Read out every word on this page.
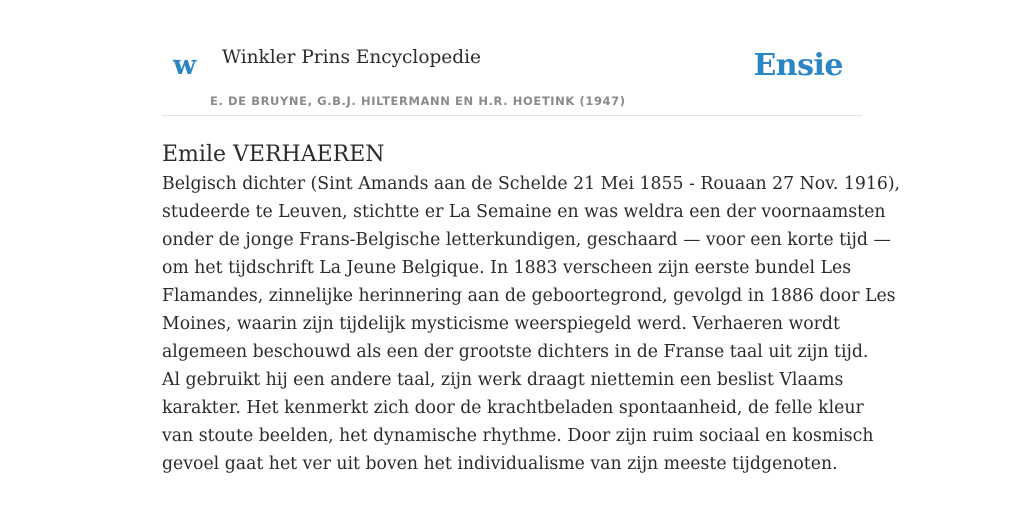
w Winkler Prins Encyclopedie
E. DE BRUYNE, G.B.J. HILTERMANN EN H.R. HOETINK (1947)
Ensie
Emile VERHAEREN

Belgisch dichter (Sint Amands aan de Schelde 21 Mei 1855 - Rouaan 27 Nov. 1916),
studeerde te Leuven, stichtte er La Semaine en was weldra een der voornaamsten
onder de jonge Frans-Belgische letterkundigen, geschaard — voor een korte tijd —
om het tijdschrift La Jeune Belgique. In 1883 verscheen zijn eerste bundel Les
Flamandes, zinnelijke herinnering aan de geboortegrond, gevolgd in 1886 door Les
Moines, waarin zijn tijdelijk mysticisme weerspiegeld werd. Verhaeren wordt
algemeen beschouwd als een der grootste dichters in de Franse taal uit zijn tijd.

Al gebruikt hij een andere taal, zijn werk draagt niettemin een beslist Vlaams
karakter. Het kenmerkt zich door de krachtbeladen spontaanheid, de felle kleur
van stoute beelden, het dynamische rhythme. Door zijn ruim sociaal en kosmisch
gevoel gaat het ver uit boven het individualisme van zijn meeste tijdgenoten.
